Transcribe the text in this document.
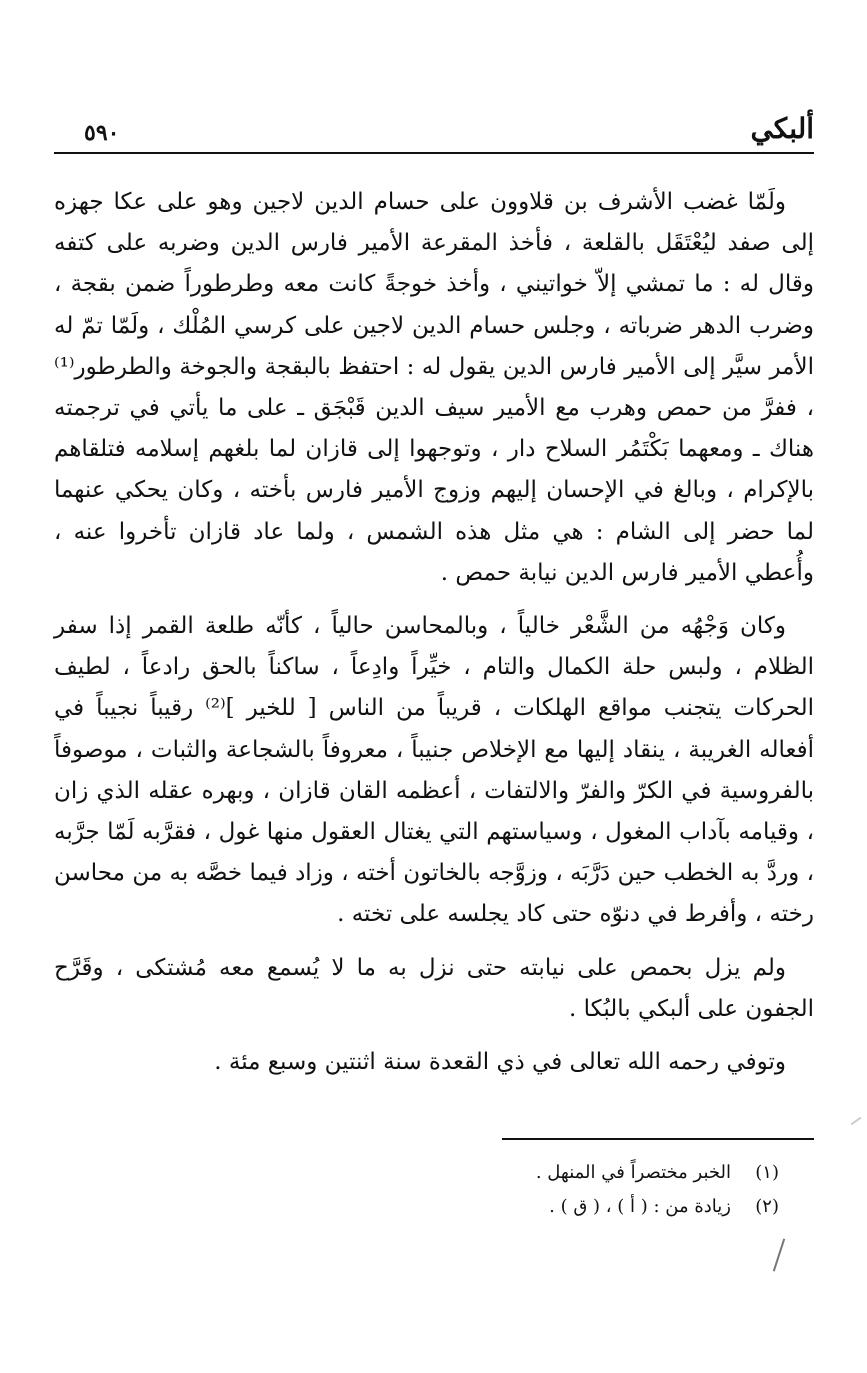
ألبكي
٥٩٠

ولَمّا غضب الأشرف بن قلاوون على حسام الدين لاجين وهو على عكا جهزه إلى صفد ليُعْتَقَل بالقلعة ، فأخذ المقرعة الأمير فارس الدين وضربه على كتفه وقال له : ما تمشي إلاّ خواتيني ، وأخذ خوجةً كانت معه وطرطوراً ضمن بقجة ، وضرب الدهر ضرباته ، وجلس حسام الدين لاجين على كرسي المُلْك ، ولَمّا تمّ له الأمر سيَّر إلى الأمير فارس الدين يقول له : احتفظ بالبقجة والجوخة والطرطور⁽¹⁾ ، ففرَّ من حمص وهرب مع الأمير سيف الدين قَبْجَق ـ على ما يأتي في ترجمته هناك ـ ومعهما بَكْتَمُر السلاح دار ، وتوجهوا إلى قازان لما بلغهم إسلامه فتلقاهم بالإكرام ، وبالغ في الإحسان إليهم وزوج الأمير فارس بأخته ، وكان يحكي عنهما لما حضر إلى الشام : هي مثل هذه الشمس ، ولما عاد قازان تأخروا عنه ، وأُعطي الأمير فارس الدين نيابة حمص .

وكان وَجْهُه من الشَّعْر خالياً ، وبالمحاسن حالياً ، كأنّه طلعة القمر إذا سفر الظلام ، ولبس حلة الكمال والتام ، خيِّراً وادِعاً ، ساكناً بالحق رادعاً ، لطيف الحركات يتجنب مواقع الهلكات ، قريباً من الناس [ للخير ]⁽²⁾ رقيباً نجيباً في أفعاله الغريبة ، ينقاد إليها مع الإخلاص جنيباً ، معروفاً بالشجاعة والثبات ، موصوفاً بالفروسية في الكرّ والفرّ والالتفات ، أعظمه القان قازان ، وبهره عقله الذي زان ، وقيامه بآداب المغول ، وسياستهم التي يغتال العقول منها غول ، فقرَّبه لَمّا جرَّبه ، وردَّ به الخطب حين دَرَّبَه ، وزوَّجه بالخاتون أخته ، وزاد فيما خصَّه به من محاسن رخته ، وأفرط في دنوّه حتى كاد يجلسه على تخته .

ولم يزل بحمص على نيابته حتى نزل به ما لا يُسمع معه مُشتكى ، وقَرَّح الجفون على ألبكي بالبُكا .

وتوفي رحمه الله تعالى في ذي القعدة سنة اثنتين وسبع مئة .

(١)
الخبر مختصراً في المنهل .
(٢)
زيادة من : ( أ ) ، ( ق ) .
